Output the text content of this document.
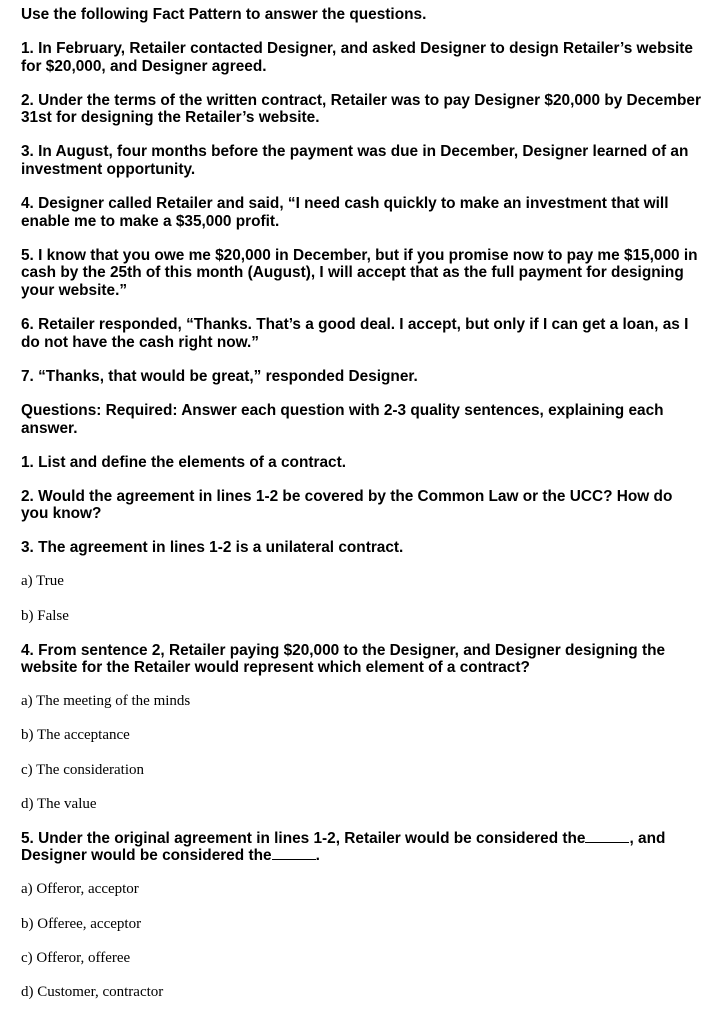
Use the following Fact Pattern to answer the questions.

1. In February, Retailer contacted Designer, and asked Designer to design Retailer’s website for $20,000, and Designer agreed.

2. Under the terms of the written contract, Retailer was to pay Designer $20,000 by December 31st for designing the Retailer’s website.

3. In August, four months before the payment was due in December, Designer learned of an investment opportunity.

4. Designer called Retailer and said, “I need cash quickly to make an investment that will enable me to make a $35,000 profit.

5. I know that you owe me $20,000 in December, but if you promise now to pay me $15,000 in cash by the 25th of this month (August), I will accept that as the full payment for designing your website.”

6. Retailer responded, “Thanks. That’s a good deal. I accept, but only if I can get a loan, as I do not have the cash right now.”

7. “Thanks, that would be great,” responded Designer.

Questions: Required: Answer each question with 2-3 quality sentences, explaining each answer.

1. List and define the elements of a contract.

2. Would the agreement in lines 1-2 be covered by the Common Law or the UCC? How do you know?

3. The agreement in lines 1-2 is a unilateral contract.

a) True

b) False

4. From sentence 2, Retailer paying $20,000 to the Designer, and Designer designing the website for the Retailer would represent which element of a contract?

a) The meeting of the minds

b) The acceptance

c) The consideration

d) The value

5. Under the original agreement in lines 1-2, Retailer would be considered the	, and Designer would be considered the	.

a) Offeror, acceptor

b) Offeree, acceptor

c) Offeror, offeree

d) Customer, contractor
